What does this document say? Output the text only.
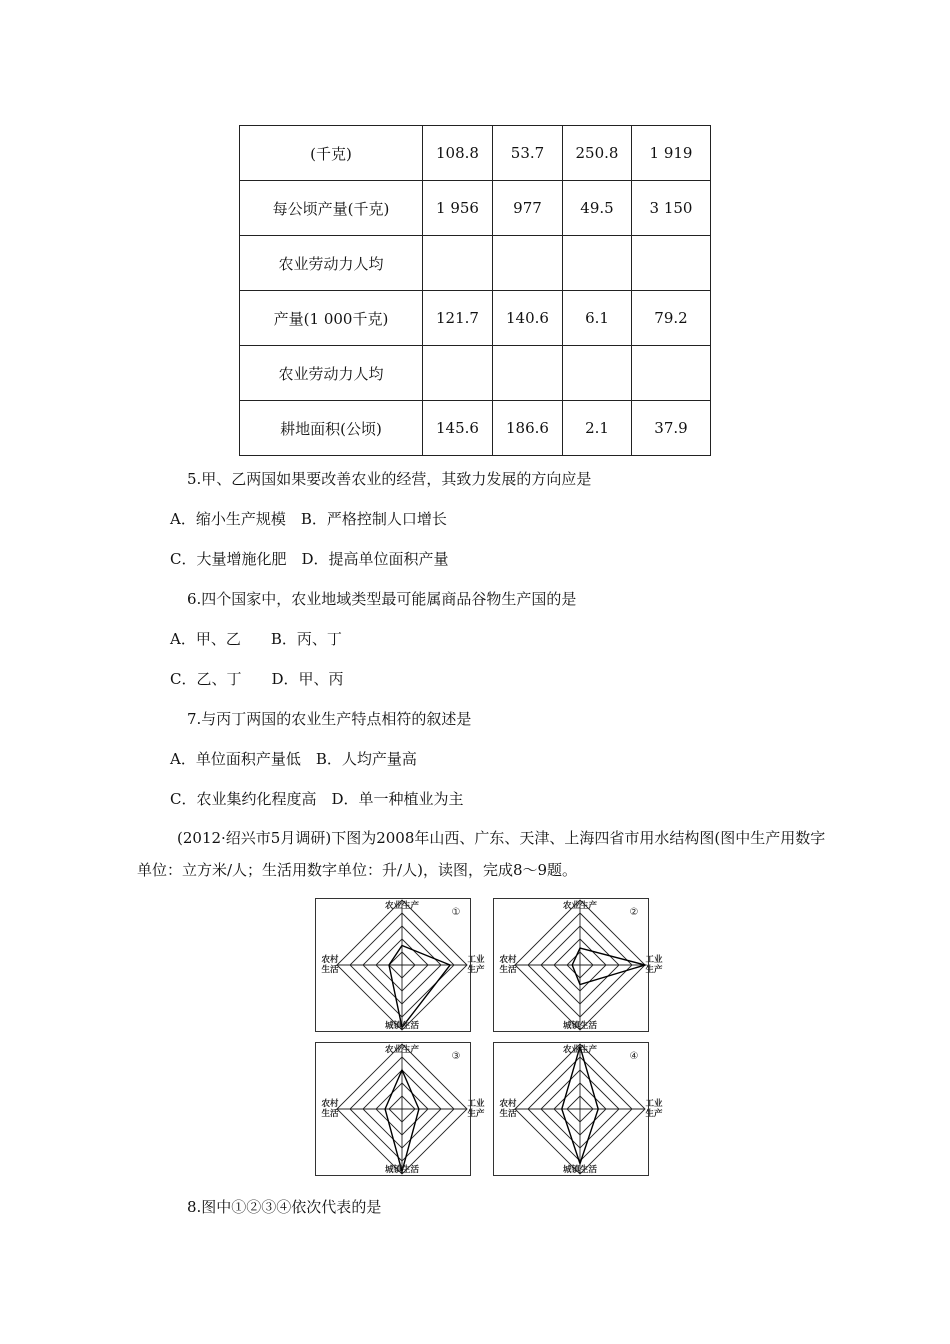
(千克)	108.8	53.7	250.8	1 919
每公顷产量(千克)	1 956	977	49.5	3 150
农业劳动力人均				
产量(1 000千克)	121.7	140.6	6.1	79.2
农业劳动力人均				
耕地面积(公顷)	145.6	186.6	2.1	37.9
5.甲、乙两国如果要改善农业的经营，其致力发展的方向应是
A．缩小生产规模　B．严格控制人口增长
C．大量增施化肥　D．提高单位面积产量
6.四个国家中，农业地域类型最可能属商品谷物生产国的是
A．甲、乙　　B．丙、丁
C．乙、丁　　D．甲、丙
7.与丙丁两国的农业生产特点相符的叙述是
A．单位面积产量低　B．人均产量高
C．农业集约化程度高　D．单一种植业为主
(2012·绍兴市5月调研)下图为2008年山西、广东、天津、上海四省市用水结构图(图中生产用数字单位：立方米/人；生活用数字单位：升/人)，读图，完成8～9题。
农业生产
城镇生活
农村
生活
工业
生产
①
农业生产
城镇生活
农村
生活
工业
生产
②
农业生产
城镇生活
农村
生活
工业
生产
③
农业生产
城镇生活
农村
生活
工业
生产
④
8.图中①②③④依次代表的是
